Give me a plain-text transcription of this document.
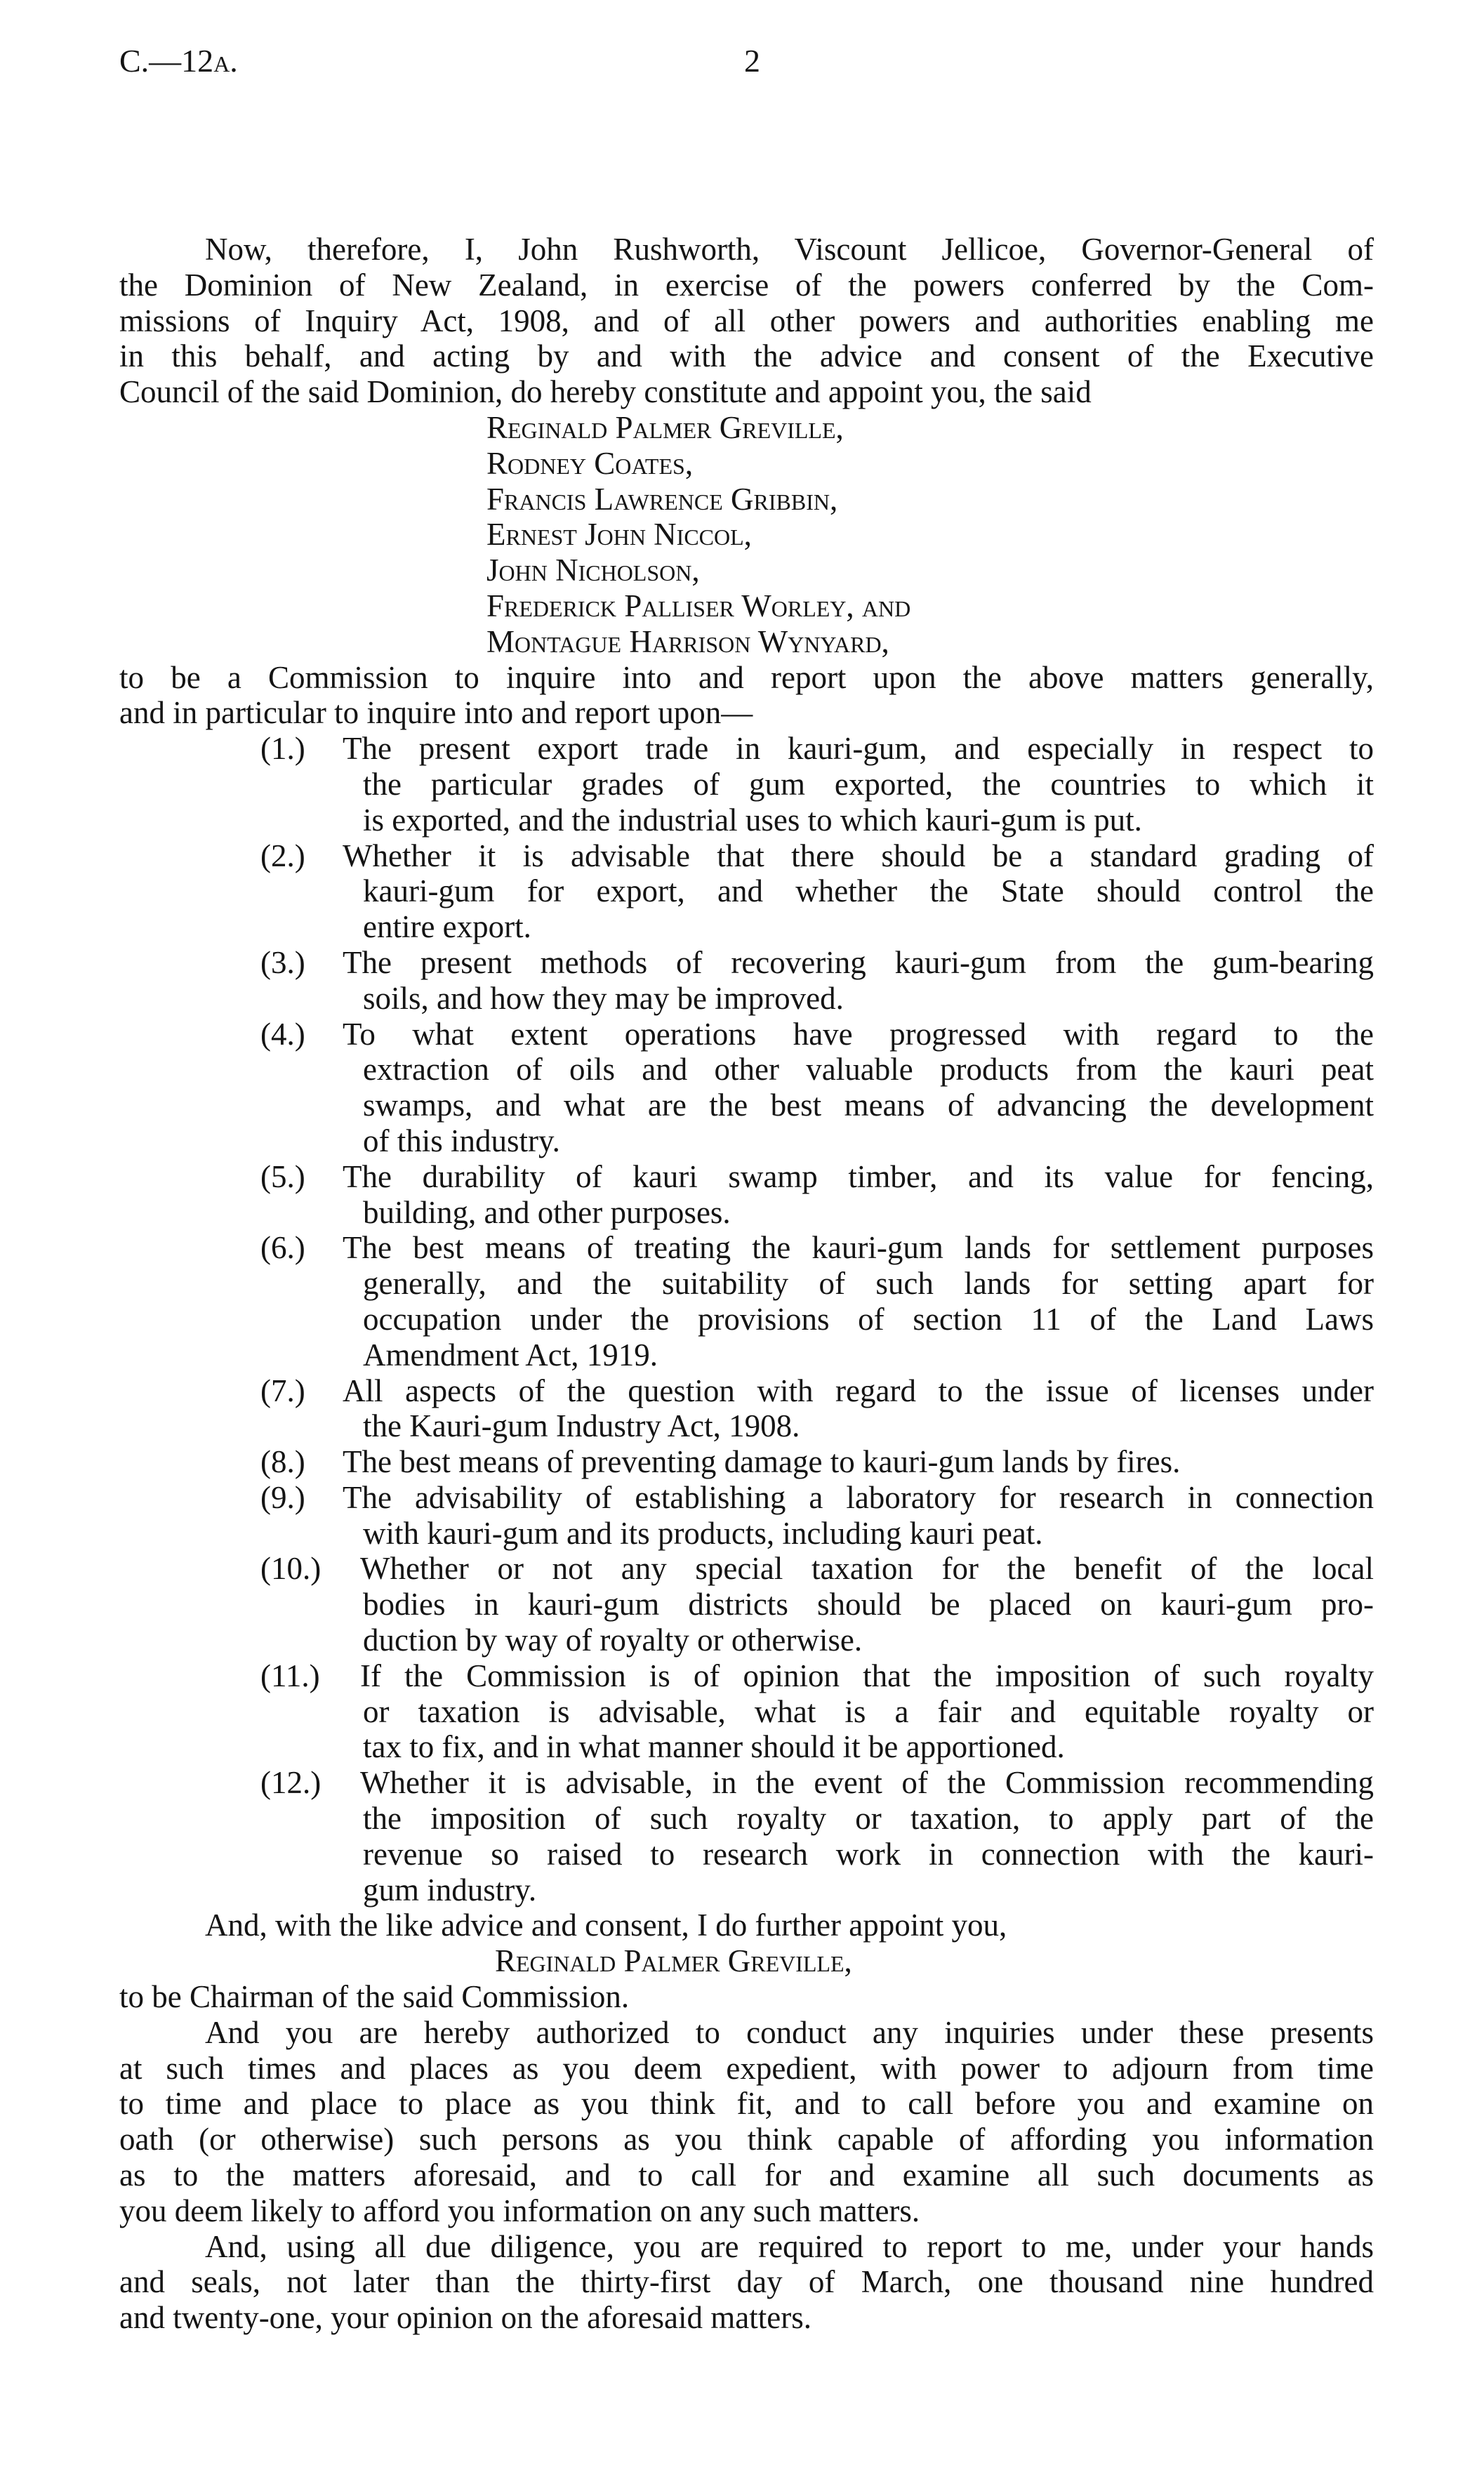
C.—12a.	2
Now, therefore, I, John Rushworth, Viscount Jellicoe, Governor-General of
the Dominion of New Zealand, in exercise of the powers conferred by the Com-
missions of Inquiry Act, 1908, and of all other powers and authorities enabling me
in this behalf, and acting by and with the advice and consent of the Executive
Council of the said Dominion, do hereby constitute and appoint you, the said
Reginald Palmer Greville,
Rodney Coates,
Francis Lawrence Gribbin,
Ernest John Niccol,
John Nicholson,
Frederick Palliser Worley, and
Montague Harrison Wynyard,
to be a Commission to inquire into and report upon the above matters generally,
and in particular to inquire into and report upon—
(1.) The present export trade in kauri-gum, and especially in respect to
the particular grades of gum exported, the countries to which it
is exported, and the industrial uses to which kauri-gum is put.
(2.) Whether it is advisable that there should be a standard grading of
kauri-gum for export, and whether the State should control the
entire export.
(3.) The present methods of recovering kauri-gum from the gum-bearing
soils, and how they may be improved.
(4.) To what extent operations have progressed with regard to the
extraction of oils and other valuable products from the kauri peat
swamps, and what are the best means of advancing the development
of this industry.
(5.) The durability of kauri swamp timber, and its value for fencing,
building, and other purposes.
(6.) The best means of treating the kauri-gum lands for settlement purposes
generally, and the suitability of such lands for setting apart for
occupation under the provisions of section 11 of the Land Laws
Amendment Act, 1919.
(7.) All aspects of the question with regard to the issue of licenses under
the Kauri-gum Industry Act, 1908.
(8.) The best means of preventing damage to kauri-gum lands by fires.
(9.) The advisability of establishing a laboratory for research in connection
with kauri-gum and its products, including kauri peat.
(10.) Whether or not any special taxation for the benefit of the local
bodies in kauri-gum districts should be placed on kauri-gum pro-
duction by way of royalty or otherwise.
(11.) If the Commission is of opinion that the imposition of such royalty
or taxation is advisable, what is a fair and equitable royalty or
tax to fix, and in what manner should it be apportioned.
(12.) Whether it is advisable, in the event of the Commission recommending
the imposition of such royalty or taxation, to apply part of the
revenue so raised to research work in connection with the kauri-
gum industry.
And, with the like advice and consent, I do further appoint you,
Reginald Palmer Greville,
to be Chairman of the said Commission.
And you are hereby authorized to conduct any inquiries under these presents
at such times and places as you deem expedient, with power to adjourn from time
to time and place to place as you think fit, and to call before you and examine on
oath (or otherwise) such persons as you think capable of affording you information
as to the matters aforesaid, and to call for and examine all such documents as
you deem likely to afford you information on any such matters.
And, using all due diligence, you are required to report to me, under your hands
and seals, not later than the thirty-first day of March, one thousand nine hundred
and twenty-one, your opinion on the aforesaid matters.
